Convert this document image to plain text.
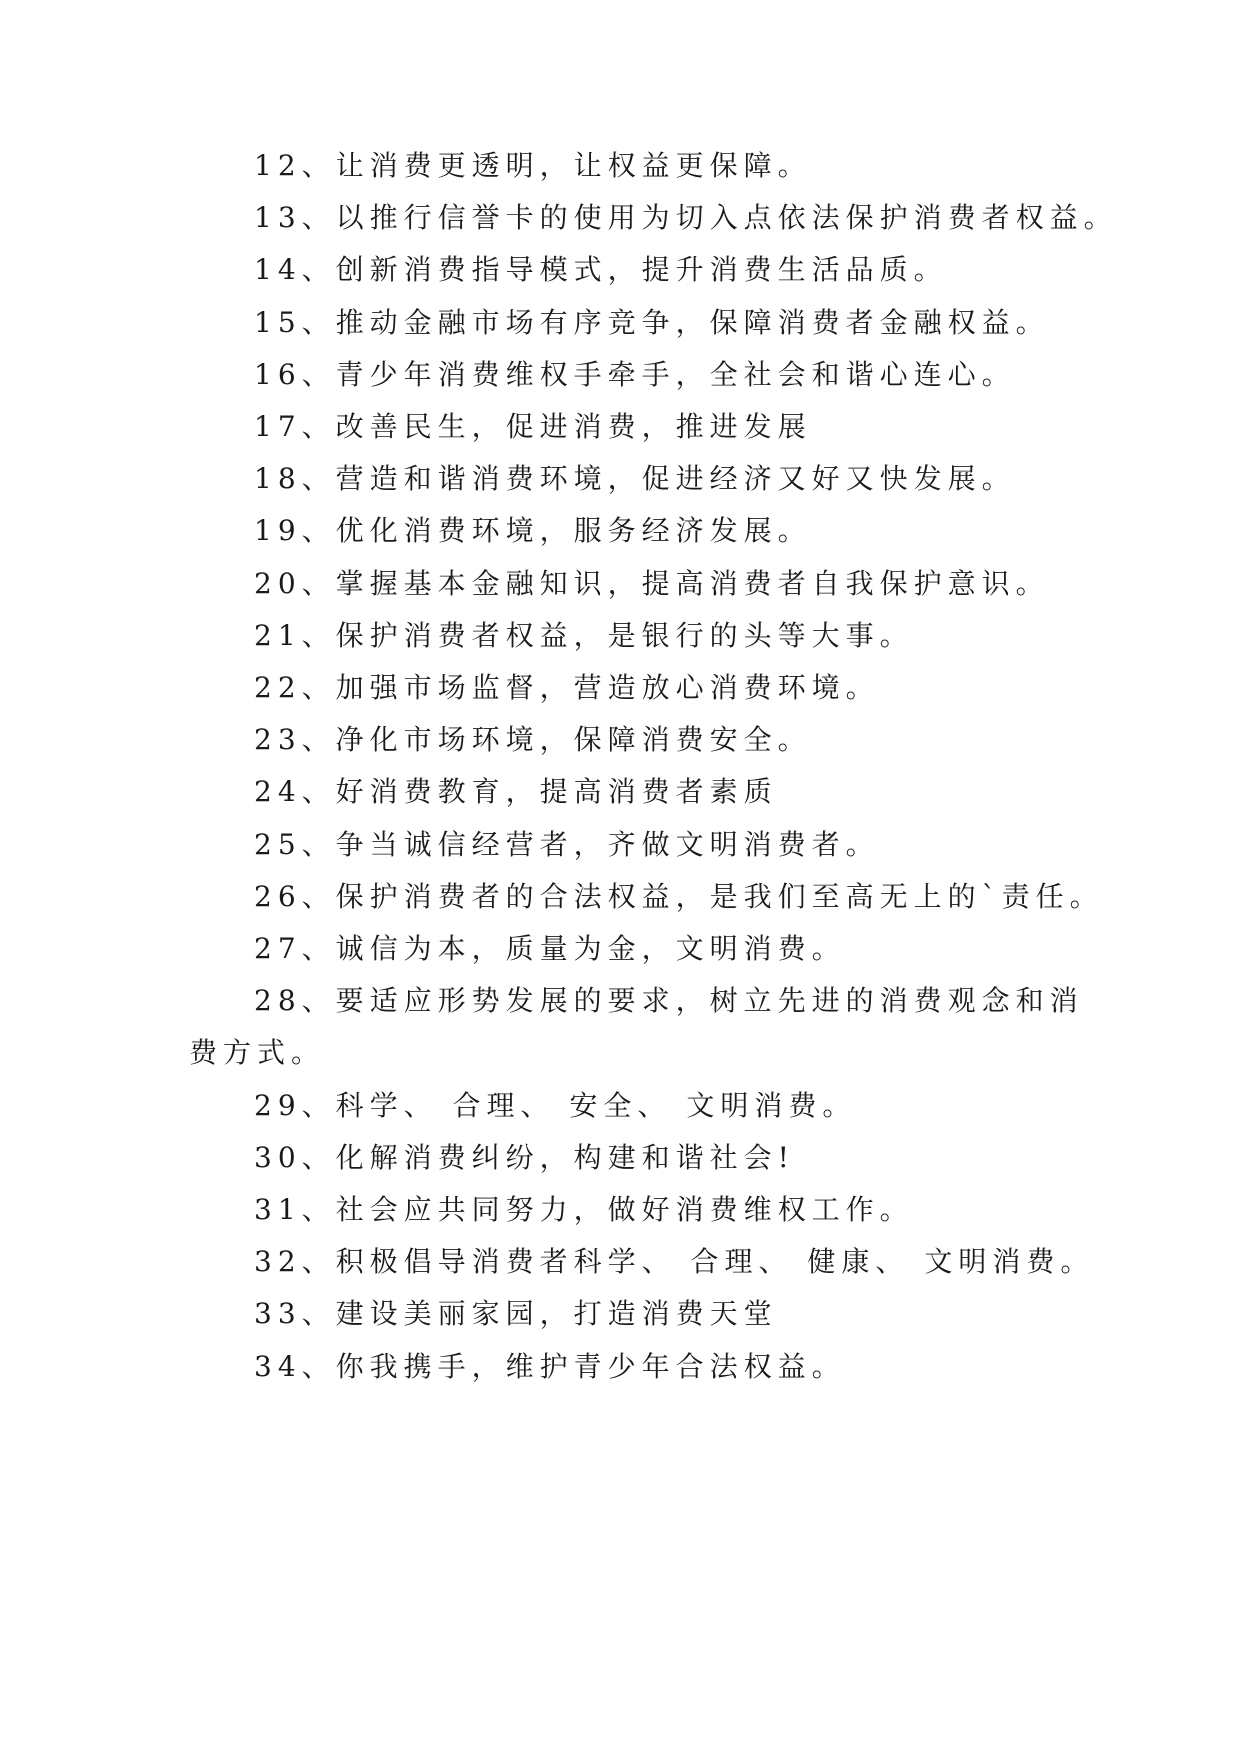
12、让消费更透明，让权益更保障。
13、以推行信誉卡的使用为切入点依法保护消费者权益。
14、创新消费指导模式，提升消费生活品质。
15、推动金融市场有序竞争，保障消费者金融权益。
16、青少年消费维权手牵手，全社会和谐心连心。
17、改善民生，促进消费，推进发展
18、营造和谐消费环境，促进经济又好又快发展。
19、优化消费环境，服务经济发展。
20、掌握基本金融知识，提高消费者自我保护意识。
21、保护消费者权益，是银行的头等大事。
22、加强市场监督，营造放心消费环境。
23、净化市场环境，保障消费安全。
24、好消费教育，提高消费者素质
25、争当诚信经营者，齐做文明消费者。
26、保护消费者的合法权益，是我们至高无上的`责任。
27、诚信为本，质量为金，文明消费。
28、要适应形势发展的要求，树立先进的消费观念和消
费方式。
29、科学、 合理、 安全、 文明消费。
30、化解消费纠纷，构建和谐社会!
31、社会应共同努力，做好消费维权工作。
32、积极倡导消费者科学、 合理、 健康、 文明消费。
33、建设美丽家园，打造消费天堂
34、你我携手，维护青少年合法权益。
